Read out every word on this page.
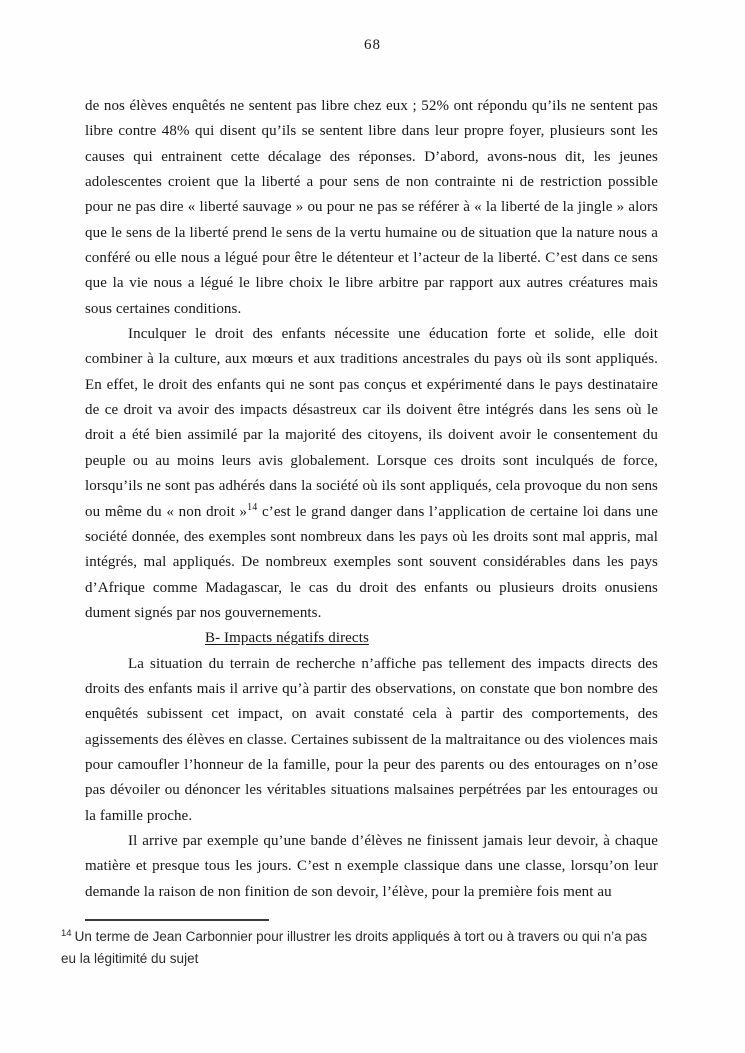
68

de nos élèves enquêtés ne sentent pas libre chez eux ; 52% ont répondu qu’ils ne sentent pas libre contre 48% qui disent qu’ils se sentent libre dans leur propre foyer, plusieurs sont les causes qui entrainent cette décalage des réponses. D’abord, avons-nous dit, les jeunes adolescentes croient que la liberté a pour sens de non contrainte ni de restriction possible pour ne pas dire « liberté sauvage » ou pour ne pas se référer à « la liberté de la jingle » alors que le sens de la liberté prend le sens de la vertu humaine ou de situation que la nature nous a conféré ou elle nous a légué pour être le détenteur et l’acteur de la liberté. C’est dans ce sens que la vie nous a légué le libre choix le libre arbitre par rapport aux autres créatures mais sous certaines conditions.

Inculquer le droit des enfants nécessite une éducation forte et solide, elle doit combiner à la culture, aux mœurs et aux traditions ancestrales du pays où ils sont appliqués. En effet, le droit des enfants qui ne sont pas conçus et expérimenté dans le pays destinataire de ce droit va avoir des impacts désastreux car ils doivent être intégrés dans les sens où le droit a été bien assimilé par la majorité des citoyens, ils doivent avoir le consentement du peuple ou au moins leurs avis globalement. Lorsque ces droits sont inculqués de force, lorsqu’ils ne sont pas adhérés dans la société où ils sont appliqués, cela provoque du non sens ou même du « non droit »$^{14}$ c’est le grand danger dans l’application de certaine loi dans une société donnée, des exemples sont nombreux dans les pays où les droits sont mal appris, mal intégrés, mal appliqués. De nombreux exemples sont souvent considérables dans les pays d’Afrique comme Madagascar, le cas du droit des enfants ou plusieurs droits onusiens dument signés par nos gouvernements.

B- Impacts négatifs directs

La situation du terrain de recherche n’affiche pas tellement des impacts directs des droits des enfants mais il arrive qu’à partir des observations, on constate que bon nombre des enquêtés subissent cet impact, on avait constaté cela à partir des comportements, des agissements des élèves en classe. Certaines subissent de la maltraitance ou des violences mais pour camoufler l’honneur de la famille, pour la peur des parents ou des entourages on n’ose pas dévoiler ou dénoncer les véritables situations malsaines perpétrées par les entourages ou la famille proche.

Il arrive par exemple qu’une bande d’élèves ne finissent jamais leur devoir, à chaque matière et presque tous les jours. C’est n exemple classique dans une classe, lorsqu’on leur demande la raison de non finition de son devoir, l’élève, pour la première fois ment au

$^{14}$ Un terme de Jean Carbonnier pour illustrer les droits appliqués à tort ou à travers ou qui n’a pas eu la légitimité du sujet
